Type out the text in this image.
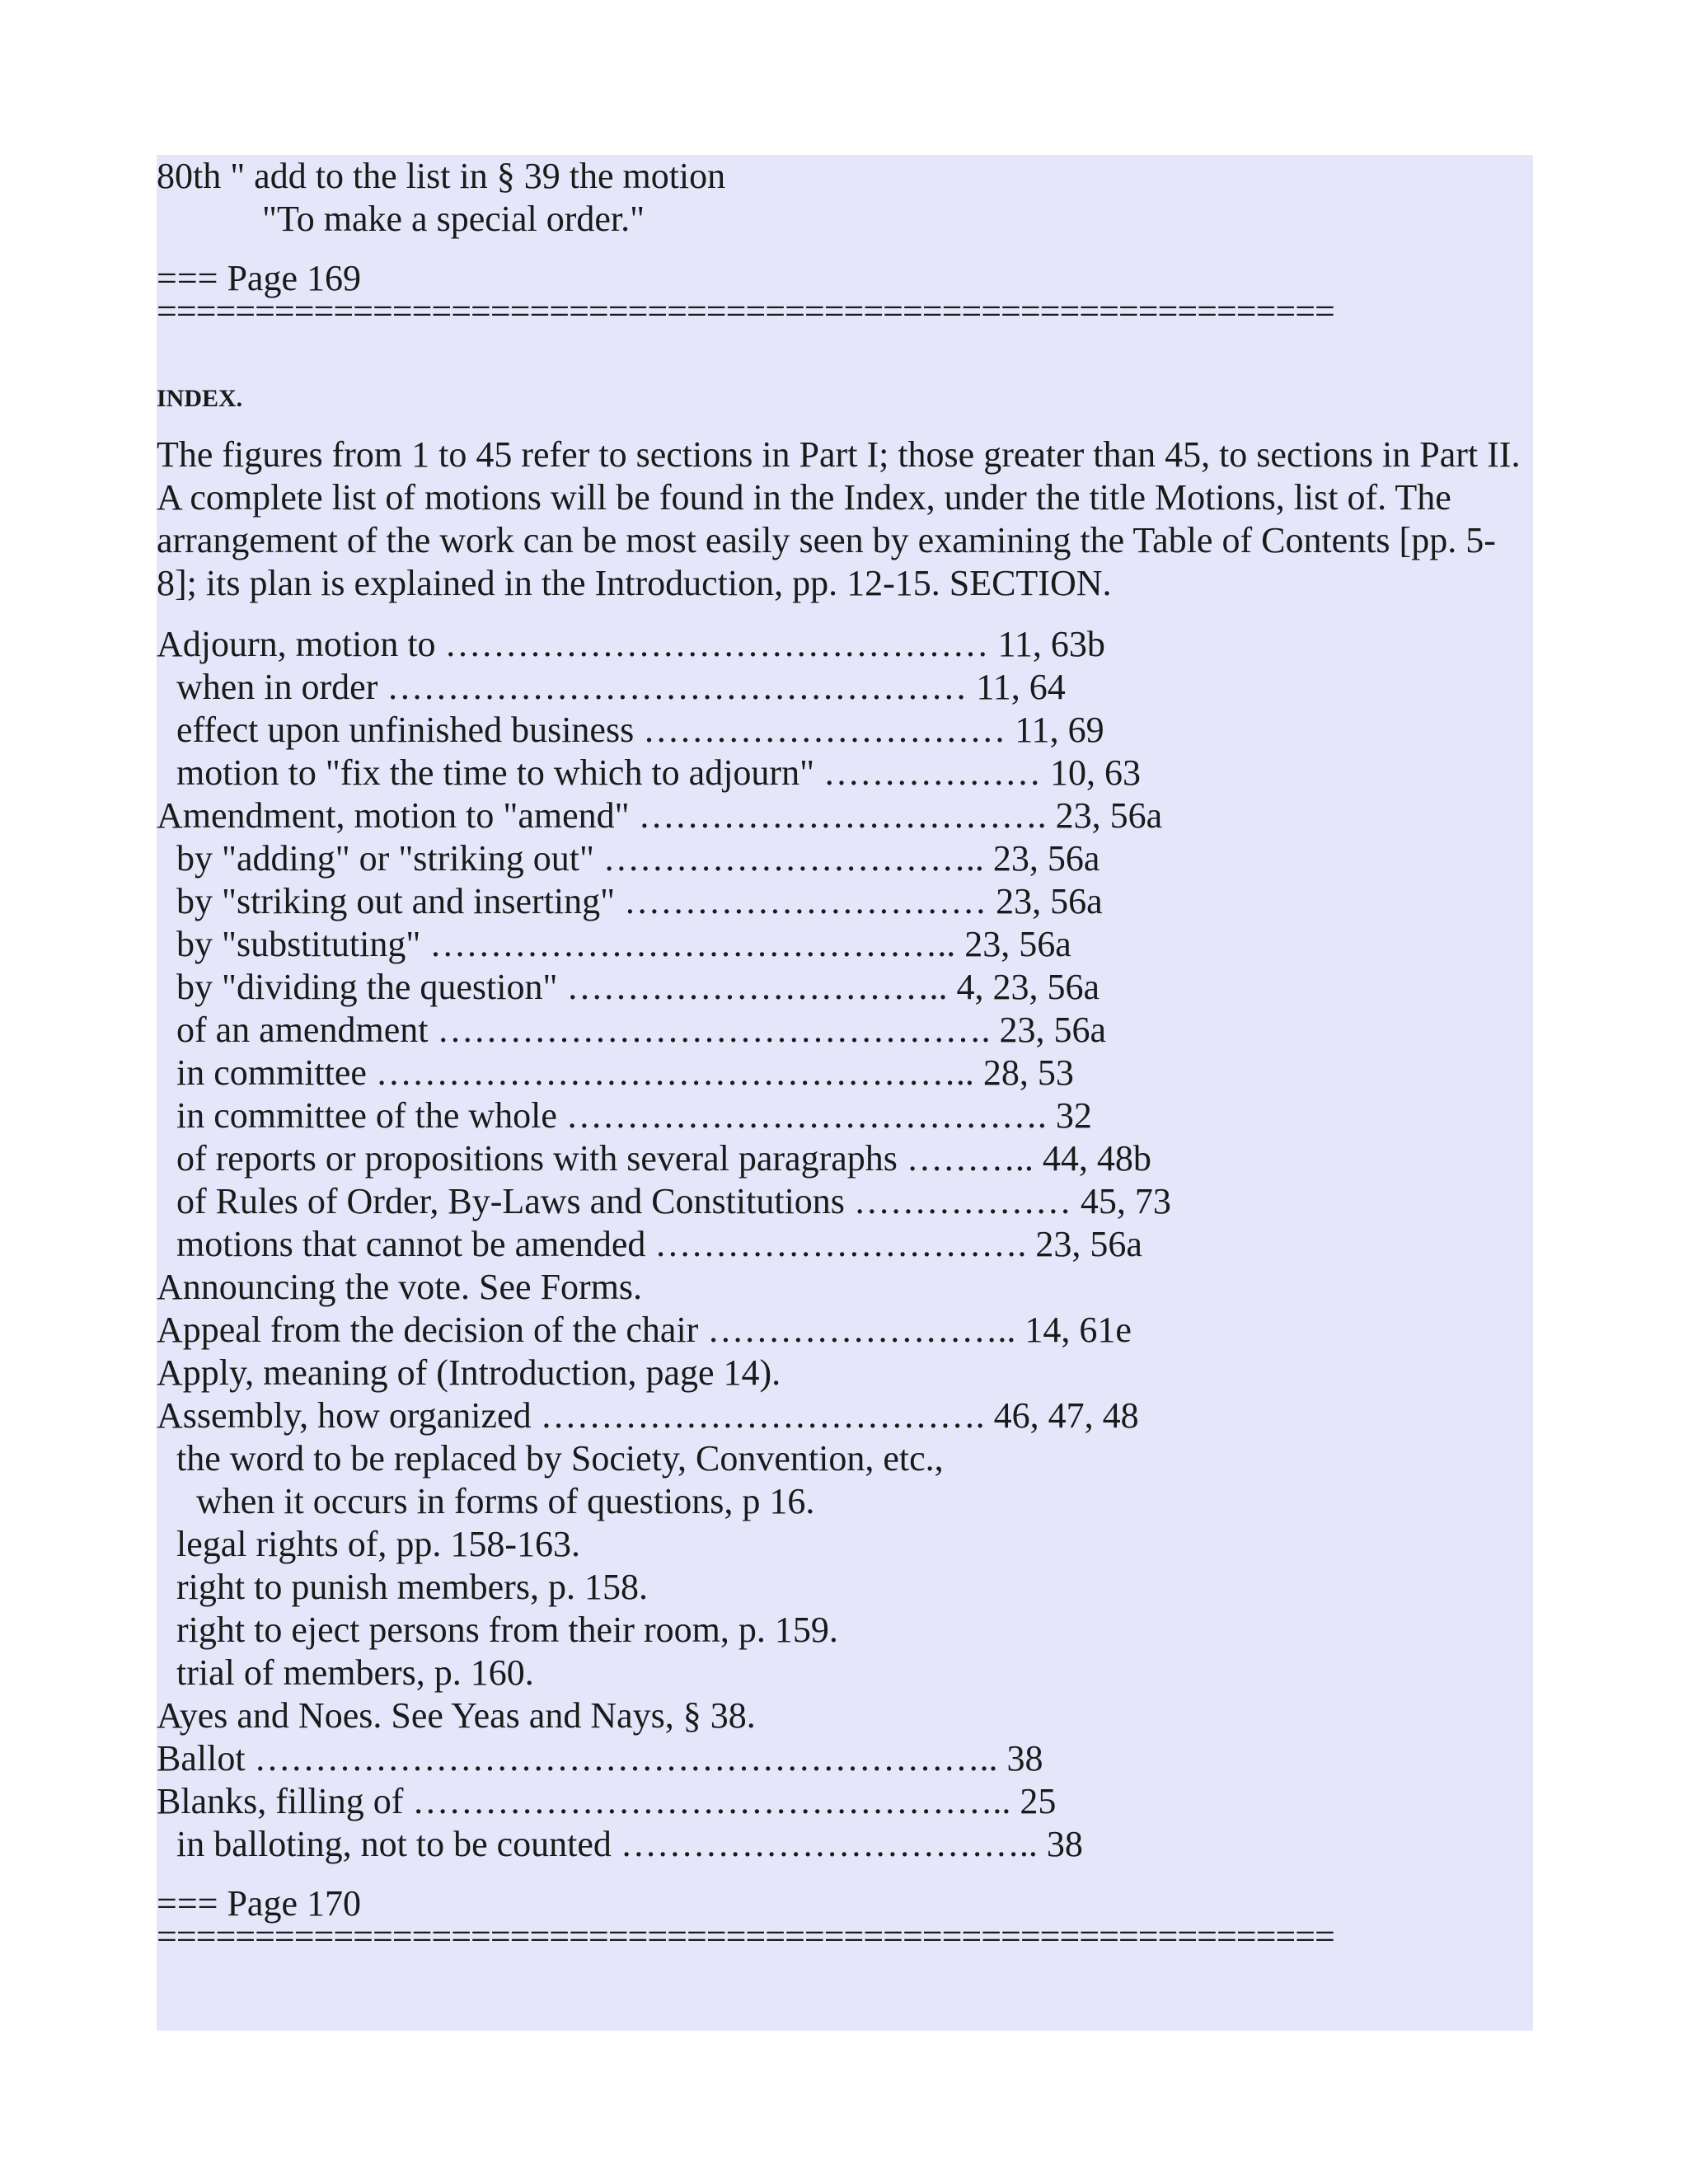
80th " add to the list in § 39 the motion
"To make a special order."
=== Page 169
============================================================
INDEX.
The figures from 1 to 45 refer to sections in Part I; those greater than 45, to sections in Part II. A complete list of motions will be found in the Index, under the title Motions, list of. The arrangement of the work can be most easily seen by examining the Table of Contents [pp. 5-8]; its plan is explained in the Introduction, pp. 12-15. SECTION.
Adjourn, motion to ……………………………………… 11, 63b
when in order ………………………………………… 11, 64
effect upon unfinished business ………………………… 11, 69
motion to "fix the time to which to adjourn" ……………… 10, 63
Amendment, motion to "amend" ……………………………. 23, 56a
by "adding" or "striking out" ………………………….. 23, 56a
by "striking out and inserting" ………………………… 23, 56a
by "substituting" …………………………………….. 23, 56a
by "dividing the question" ………………………….. 4, 23, 56a
of an amendment ………………………………………. 23, 56a
in committee ………………………………………….. 28, 53
in committee of the whole …………………………………. 32
of reports or propositions with several paragraphs ……….. 44, 48b
of Rules of Order, By-Laws and Constitutions ……………… 45, 73
motions that cannot be amended …………………………. 23, 56a
Announcing the vote. See Forms.
Appeal from the decision of the chair …………………….. 14, 61e
Apply, meaning of (Introduction, page 14).
Assembly, how organized ………………………………. 46, 47, 48
the word to be replaced by Society, Convention, etc.,
when it occurs in forms of questions, p 16.
legal rights of, pp. 158-163.
right to punish members, p. 158.
right to eject persons from their room, p. 159.
trial of members, p. 160.
Ayes and Noes. See Yeas and Nays, § 38.
Ballot …………………………………………………….. 38
Blanks, filling of ………………………………………….. 25
in balloting, not to be counted …………………………….. 38
=== Page 170
============================================================
